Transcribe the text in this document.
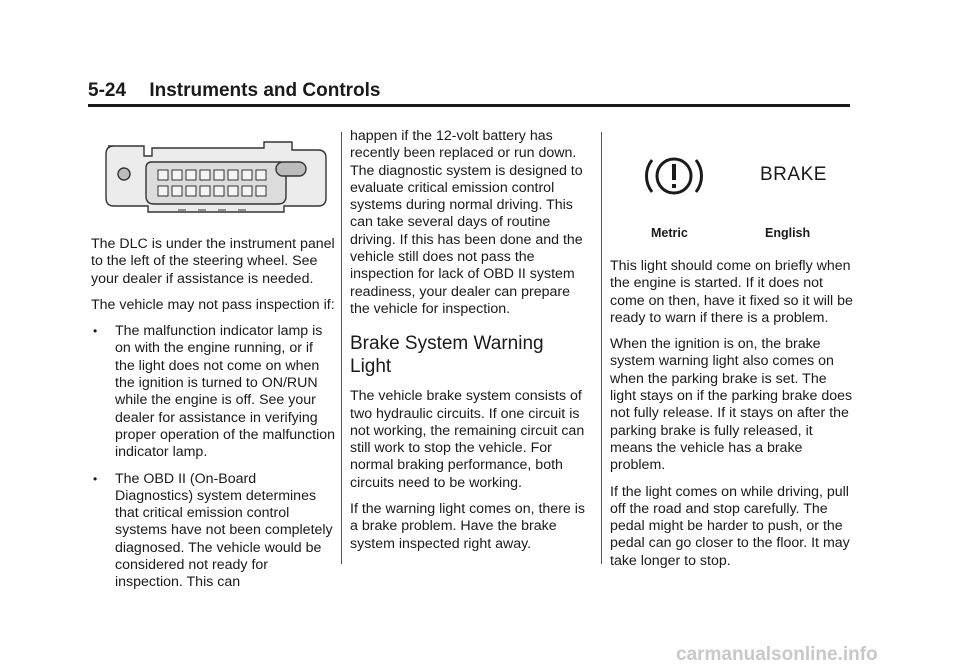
5-24 Instruments and Controls

The DLC is under the instrument panel to the left of the steering wheel. See your dealer if assistance is needed.

The vehicle may not pass inspection if:

• The malfunction indicator lamp is on with the engine running, or if the light does not come on when the ignition is turned to ON/RUN while the engine is off. See your dealer for assistance in verifying proper operation of the malfunction indicator lamp.
• The OBD II (On-Board Diagnostics) system determines that critical emission control systems have not been completely diagnosed. The vehicle would be considered not ready for inspection. This can

happen if the 12-volt battery has recently been replaced or run down. The diagnostic system is designed to evaluate critical emission control systems during normal driving. This can take several days of routine driving. If this has been done and the vehicle still does not pass the inspection for lack of OBD II system readiness, your dealer can prepare the vehicle for inspection.

Brake System Warning Light

The vehicle brake system consists of two hydraulic circuits. If one circuit is not working, the remaining circuit can still work to stop the vehicle. For normal braking performance, both circuits need to be working.

If the warning light comes on, there is a brake problem. Have the brake system inspected right away.

BRAKE
Metric	English

This light should come on briefly when the engine is started. If it does not come on then, have it fixed so it will be ready to warn if there is a problem.

When the ignition is on, the brake system warning light also comes on when the parking brake is set. The light stays on if the parking brake does not fully release. If it stays on after the parking brake is fully released, it means the vehicle has a brake problem.

If the light comes on while driving, pull off the road and stop carefully. The pedal might be harder to push, or the pedal can go closer to the floor. It may take longer to stop.

carmanualsonline.info
